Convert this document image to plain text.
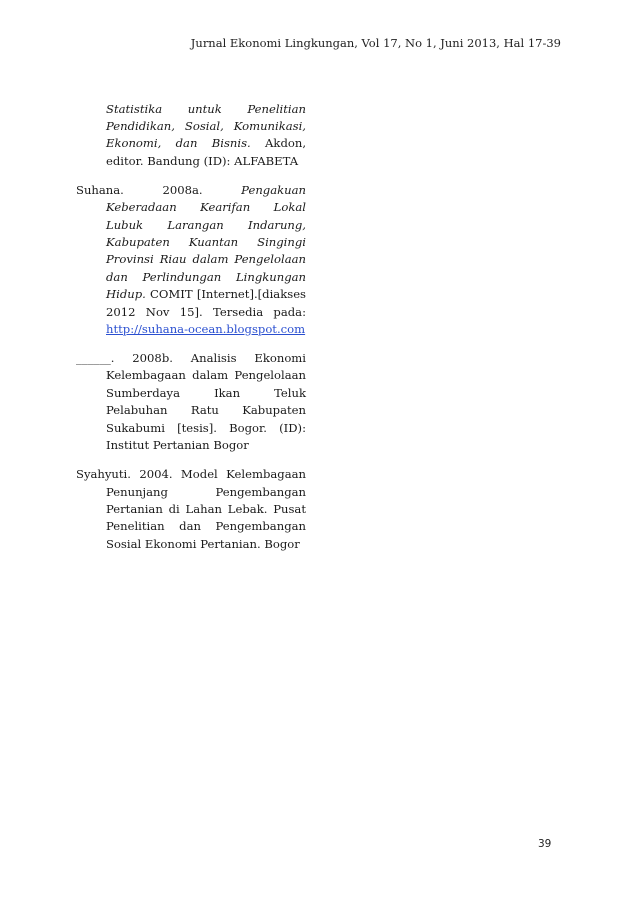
Jurnal Ekonomi Lingkungan, Vol 17, No 1, Juni 2013, Hal 17-39

Statistika untuk Penelitian Pendidikan, Sosial, Komunikasi, Ekonomi, dan Bisnis. Akdon, editor. Bandung (ID): ALFABETA

Suhana. 2008a. Pengakuan Keberadaan Kearifan Lokal Lubuk Larangan Indarung, Kabupaten Kuantan Singingi Provinsi Riau dalam Pengelolaan dan Perlindungan Lingkungan Hidup. COMIT [Internet].[diakses 2012 Nov 15]. Tersedia pada: http://suhana-ocean.blogspot.com

______. 2008b. Analisis Ekonomi Kelembagaan dalam Pengelolaan Sumberdaya Ikan Teluk Pelabuhan Ratu Kabupaten Sukabumi [tesis]. Bogor. (ID): Institut Pertanian Bogor

Syahyuti. 2004. Model Kelembagaan Penunjang Pengembangan Pertanian di Lahan Lebak. Pusat Penelitian dan Pengembangan Sosial Ekonomi Pertanian. Bogor

39
